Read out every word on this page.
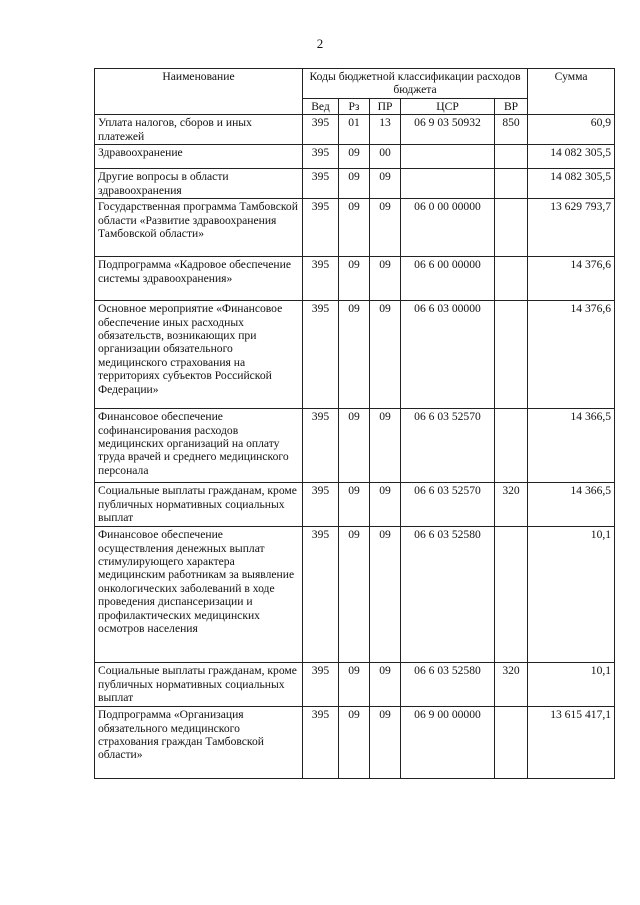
2
Наименование	Коды бюджетной классификации расходов бюджета					Сумма
	Вед	Рз	ПР	ЦСР	ВР	
Уплата налогов, сборов и иных платежей	395	01	13	06 9 03 50932	850	60,9
Здравоохранение	395	09	00			14 082 305,5
Другие вопросы в области здравоохранения	395	09	09			14 082 305,5
Государственная программа Тамбовской области «Развитие здравоохранения Тамбовской области»	395	09	09	06 0 00 00000		13 629 793,7
Подпрограмма «Кадровое обеспечение системы здравоохранения»	395	09	09	06 6 00 00000		14 376,6
Основное мероприятие «Финансовое обеспечение иных расходных обязательств, возникающих при организации обязательного медицинского страхования на территориях субъектов Российской Федерации»	395	09	09	06 6 03 00000		14 376,6
Финансовое обеспечение софинансирования расходов медицинских организаций на оплату труда врачей и среднего медицинского персонала	395	09	09	06 6 03 52570		14 366,5
Социальные выплаты гражданам, кроме публичных нормативных социальных выплат	395	09	09	06 6 03 52570	320	14 366,5
Финансовое обеспечение осуществления денежных выплат стимулирующего характера медицинским работникам за выявление онкологических заболеваний в ходе проведения диспансеризации и профилактических медицинских осмотров населения	395	09	09	06 6 03 52580		10,1
Социальные выплаты гражданам, кроме публичных нормативных социальных выплат	395	09	09	06 6 03 52580	320	10,1
Подпрограмма «Организация обязательного медицинского страхования граждан Тамбовской области»	395	09	09	06 9 00 00000		13 615 417,1
